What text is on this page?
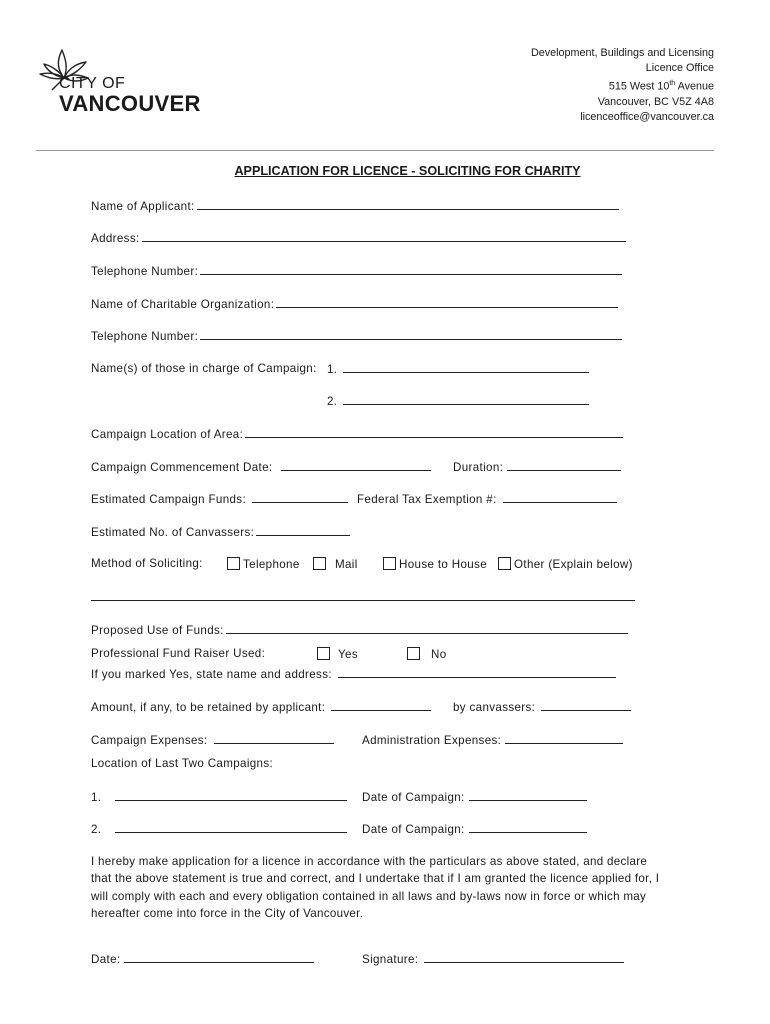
CITY OF
VANCOUVER
Development, Buildings and Licensing
Licence Office
515 West 10th Avenue
Vancouver, BC V5Z 4A8
licenceoffice@vancouver.ca
APPLICATION FOR LICENCE - SOLICITING FOR CHARITY
Name of Applicant:
Address:
Telephone Number:
Name of Charitable Organization:
Telephone Number:
Name(s) of those in charge of Campaign: 1.
2.
Campaign Location of Area:
Campaign Commencement Date:	Duration:
Estimated Campaign Funds:	Federal Tax Exemption #:
Estimated No. of Canvassers:
Method of Soliciting:	Telephone	Mail	House to House	Other (Explain below)
Proposed Use of Funds:
Professional Fund Raiser Used:	Yes	No
If you marked Yes, state name and address:
Amount, if any, to be retained by applicant:	by canvassers:
Campaign Expenses:	Administration Expenses:
Location of Last Two Campaigns:
1.	Date of Campaign:
2.	Date of Campaign:
I hereby make application for a licence in accordance with the particulars as above stated, and declare that the above statement is true and correct, and I undertake that if I am granted the licence applied for, I will comply with each and every obligation contained in all laws and by-laws now in force or which may hereafter come into force in the City of Vancouver.
Date:	Signature:
